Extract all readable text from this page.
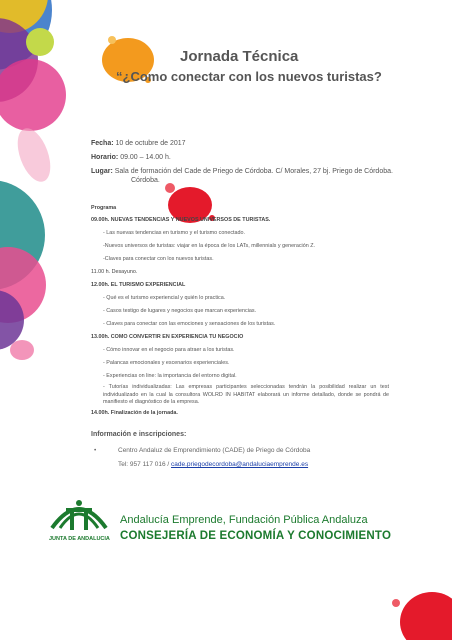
Jornada Técnica
“¿Como conectar con los nuevos turistas?
Fecha: 10 de octubre de 2017
Horario: 09.00 – 14.00 h.
Lugar: Sala de formación del Cade de Priego de Córdoba. C/ Morales, 27 bj. Priego de Córdoba.
Córdoba.
Programa
09.00h. NUEVAS TENDENCIAS Y NUEVOS UNIVERSOS DE TURISTAS.
- Las nuevas tendencias en turismo y el turismo conectado.
-Nuevos universos de turistas: viajar en la época de los LATs, millennials y generación Z.
-Claves para conectar con los nuevos turistas.
11.00 h. Desayuno.
12.00h. EL TURISMO EXPERIENCIAL
- Qué es el turismo experiencial y quién lo practica.
- Casos testigo de lugares y negocios que marcan experiencias.
- Claves para conectar con las emociones y sensaciones de los turistas.
13.00h. COMO CONVERTIR EN EXPERIENCIA TU NEGOCIO
- Cómo innovar en el negocio para atraer a los turistas.
- Palancas emocionales y escenarios experienciales.
- Experiencias on line: la importancia del entorno digital.
- Tutorías individualizadas: Las empresas participantes seleccionadas tendrán la posibilidad realizar un test individualizado en la cual la consultora WOLRD IN HABITAT elaborará un informe detallado, donde se pondrá de manifiesto el diagnóstico de la empresa.
14.00h. Finalización de la jornada.
Información e inscripciones:
•	Centro Andaluz de Emprendimiento (CADE) de Priego de Córdoba
Tel: 957 117 016 / cade.priegodecordoba@andaluciaemprende.es
JUNTA DE ANDALUCIA
Andalucía Emprende, Fundación Pública Andaluza
CONSEJERÍA DE ECONOMÍA Y CONOCIMIENTO
